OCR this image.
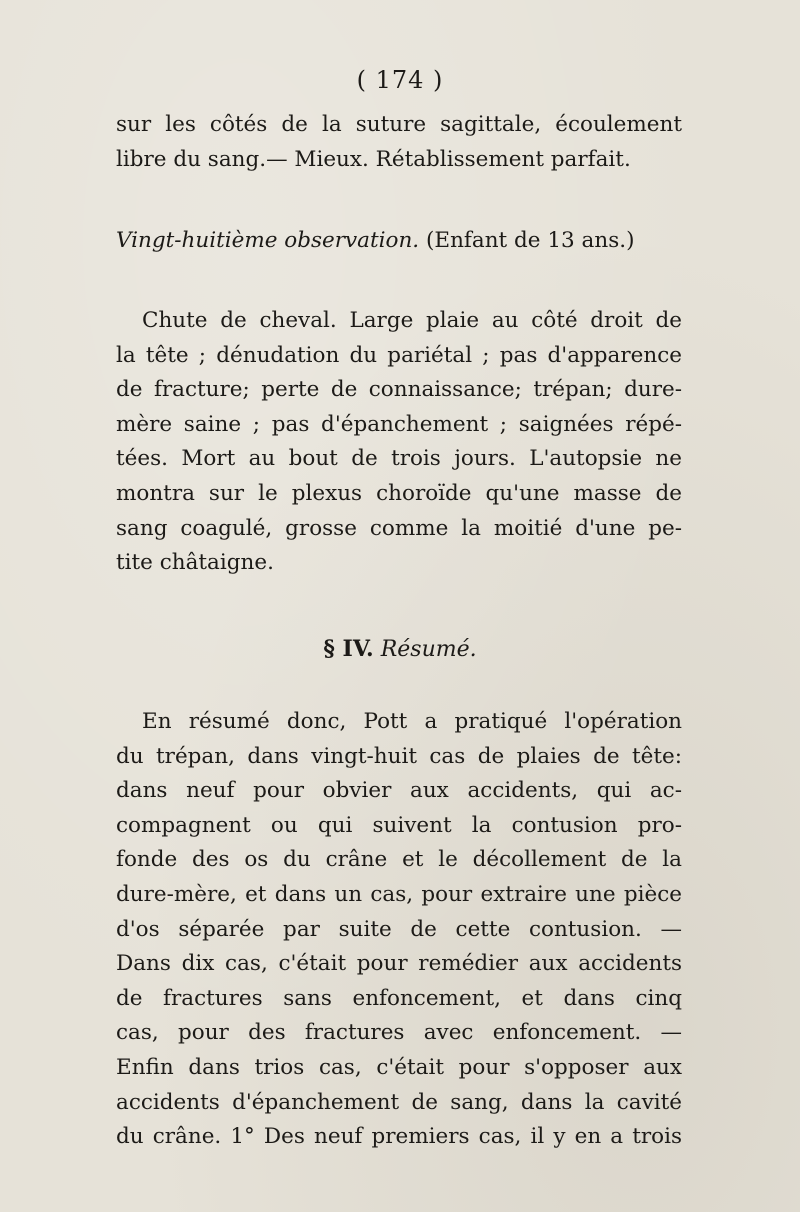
( 174 )
sur les côtés de la suture sagittale, écoulement
libre du sang.— Mieux. Rétablissement parfait.
Vingt-huitième observation. (Enfant de 13 ans.)
Chute de cheval. Large plaie au côté droit de
la tête ; dénudation du pariétal ; pas d'apparence
de fracture; perte de connaissance; trépan; dure-
mère saine ; pas d'épanchement ; saignées répé-
tées. Mort au bout de trois jours. L'autopsie ne
montra sur le plexus choroïde qu'une masse de
sang coagulé, grosse comme la moitié d'une pe-
tite châtaigne.
§ IV. Résumé.
En résumé donc, Pott a pratiqué l'opération
du trépan, dans vingt-huit cas de plaies de tête:
dans neuf pour obvier aux accidents, qui ac-
compagnent ou qui suivent la contusion pro-
fonde des os du crâne et le décollement de la
dure-mère, et dans un cas, pour extraire une pièce
d'os séparée par suite de cette contusion. —
Dans dix cas, c'était pour remédier aux accidents
de fractures sans enfoncement, et dans cinq
cas, pour des fractures avec enfoncement. —
Enfin dans trios cas, c'était pour s'opposer aux
accidents d'épanchement de sang, dans la cavité
du crâne. 1° Des neuf premiers cas, il y en a trois
